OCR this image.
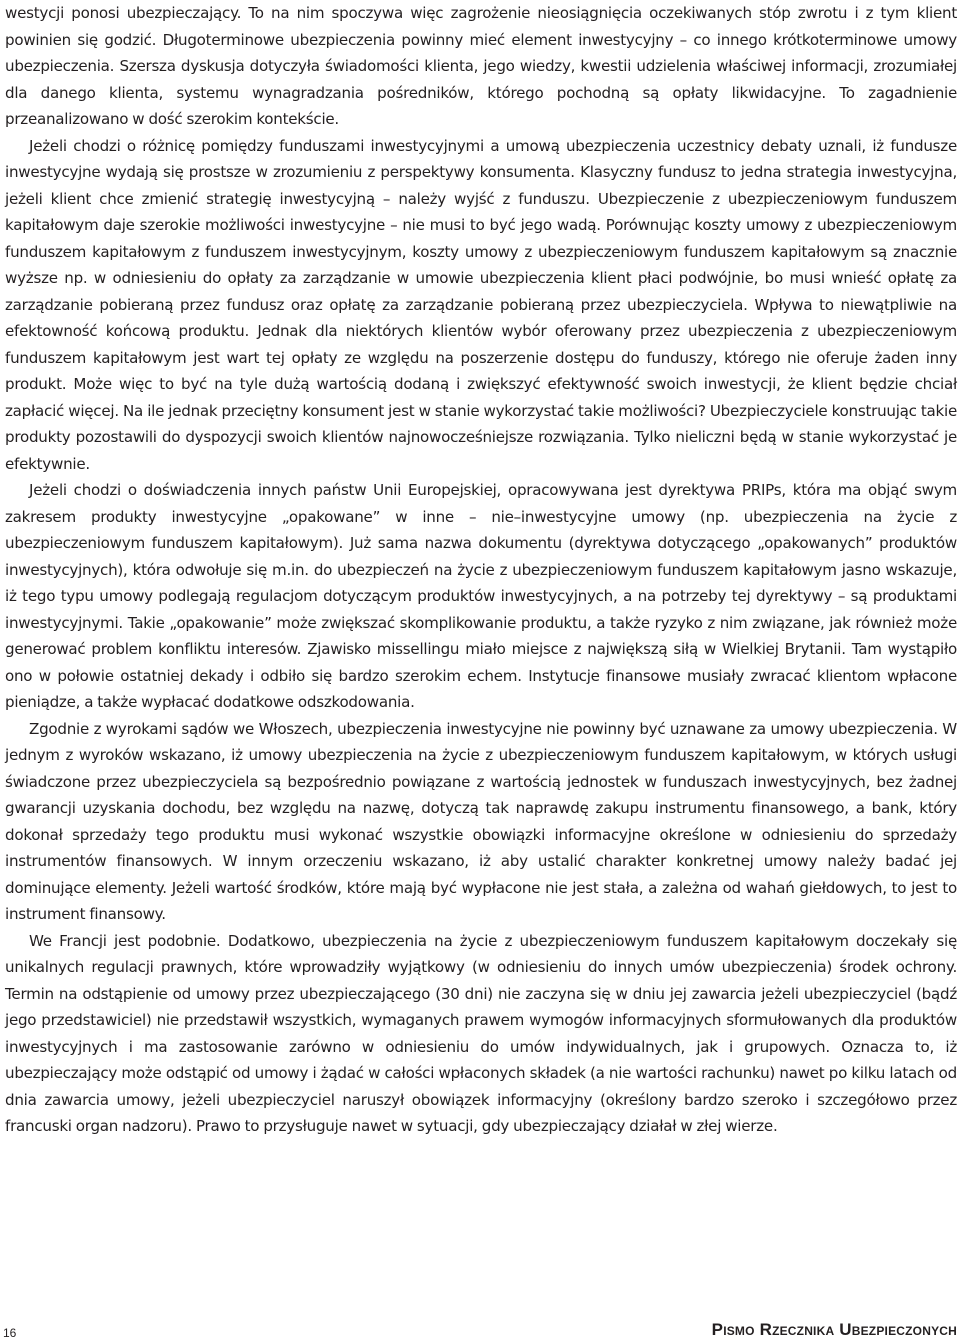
westycji ponosi ubezpieczający. To na nim spoczywa więc zagrożenie nieosiągnięcia oczekiwanych stóp zwrotu i z tym klient powinien się godzić. Długoterminowe ubezpieczenia powinny mieć element inwestycyjny – co innego krótkoterminowe umowy ubezpieczenia. Szersza dyskusja dotyczyła świadomości klienta, jego wiedzy, kwestii udzielenia właściwej informacji, zrozumiałej dla danego klienta, systemu wynagradzania pośredników, którego pochodną są opłaty likwidacyjne. To zagadnienie przeanalizowano w dość szerokim kontekście.

Jeżeli chodzi o różnicę pomiędzy funduszami inwestycyjnymi a umową ubezpieczenia uczestnicy debaty uznali, iż fundusze inwestycyjne wydają się prostsze w zrozumieniu z perspektywy konsumenta. Klasyczny fundusz to jedna strategia inwestycyjna, jeżeli klient chce zmienić strategię inwestycyjną – należy wyjść z funduszu. Ubezpieczenie z ubezpieczeniowym funduszem kapitałowym daje szerokie możliwości inwestycyjne – nie musi to być jego wadą. Porównując koszty umowy z ubezpieczeniowym funduszem kapitałowym z funduszem inwestycyjnym, koszty umowy z ubezpieczeniowym funduszem kapitałowym są znacznie wyższe np. w odniesieniu do opłaty za zarządzanie w umowie ubezpieczenia klient płaci podwójnie, bo musi wnieść opłatę za zarządzanie pobieraną przez fundusz oraz opłatę za zarządzanie pobieraną przez ubezpieczyciela. Wpływa to niewątpliwie na efektowność końcową produktu. Jednak dla niektórych klientów wybór oferowany przez ubezpieczenia z ubezpieczeniowym funduszem kapitałowym jest wart tej opłaty ze względu na poszerzenie dostępu do funduszy, którego nie oferuje żaden inny produkt. Może więc to być na tyle dużą wartością dodaną i zwiększyć efektywność swoich inwestycji, że klient będzie chciał zapłacić więcej. Na ile jednak przeciętny konsument jest w stanie wykorzystać takie możliwości? Ubezpieczyciele konstruując takie produkty pozostawili do dyspozycji swoich klientów najnowocześniejsze rozwiązania. Tylko nieliczni będą w stanie wykorzystać je efektywnie.

Jeżeli chodzi o doświadczenia innych państw Unii Europejskiej, opracowywana jest dyrektywa PRIPs, która ma objąć swym zakresem produkty inwestycyjne „opakowane” w inne – nie–inwestycyjne umowy (np. ubezpieczenia na życie z ubezpieczeniowym funduszem kapitałowym). Już sama nazwa dokumentu (dyrektywa dotyczącego „opakowanych” produktów inwestycyjnych), która odwołuje się m.in. do ubezpieczeń na życie z ubezpieczeniowym funduszem kapitałowym jasno wskazuje, iż tego typu umowy podlegają regulacjom dotyczącym produktów inwestycyjnych, a na potrzeby tej dyrektywy – są produktami inwestycyjnymi. Takie „opakowanie” może zwiększać skomplikowanie produktu, a także ryzyko z nim związane, jak również może generować problem konfliktu interesów. Zjawisko missellingu miało miejsce z największą siłą w Wielkiej Brytanii. Tam wystąpiło ono w połowie ostatniej dekady i odbiło się bardzo szerokim echem. Instytucje finansowe musiały zwracać klientom wpłacone pieniądze, a także wypłacać dodatkowe odszkodowania.

Zgodnie z wyrokami sądów we Włoszech, ubezpieczenia inwestycyjne nie powinny być uznawane za umowy ubezpieczenia. W jednym z wyroków wskazano, iż umowy ubezpieczenia na życie z ubezpieczeniowym funduszem kapitałowym, w których usługi świadczone przez ubezpieczyciela są bezpośrednio powiązane z wartością jednostek w funduszach inwestycyjnych, bez żadnej gwarancji uzyskania dochodu, bez względu na nazwę, dotyczą tak naprawdę zakupu instrumentu finansowego, a bank, który dokonał sprzedaży tego produktu musi wykonać wszystkie obowiązki informacyjne określone w odniesieniu do sprzedaży instrumentów finansowych. W innym orzeczeniu wskazano, iż aby ustalić charakter konkretnej umowy należy badać jej dominujące elementy. Jeżeli wartość środków, które mają być wypłacone nie jest stała, a zależna od wahań giełdowych, to jest to instrument finansowy.

We Francji jest podobnie. Dodatkowo, ubezpieczenia na życie z ubezpieczeniowym funduszem kapitałowym doczekały się unikalnych regulacji prawnych, które wprowadziły wyjątkowy (w odniesieniu do innych umów ubezpieczenia) środek ochrony. Termin na odstąpienie od umowy przez ubezpieczającego (30 dni) nie zaczyna się w dniu jej zawarcia jeżeli ubezpieczyciel (bądź jego przedstawiciel) nie przedstawił wszystkich, wymaganych prawem wymogów informacyjnych sformułowanych dla produktów inwestycyjnych i ma zastosowanie zarówno w odniesieniu do umów indywidualnych, jak i grupowych. Oznacza to, iż ubezpieczający może odstąpić od umowy i żądać w całości wpłaconych składek (a nie wartości rachunku) nawet po kilku latach od dnia zawarcia umowy, jeżeli ubezpieczyciel naruszył obowiązek informacyjny (określony bardzo szeroko i szczegółowo przez francuski organ nadzoru). Prawo to przysługuje nawet w sytuacji, gdy ubezpieczający działał w złej wierze.

16	Pismo Rzecznika Ubezpieczonych
